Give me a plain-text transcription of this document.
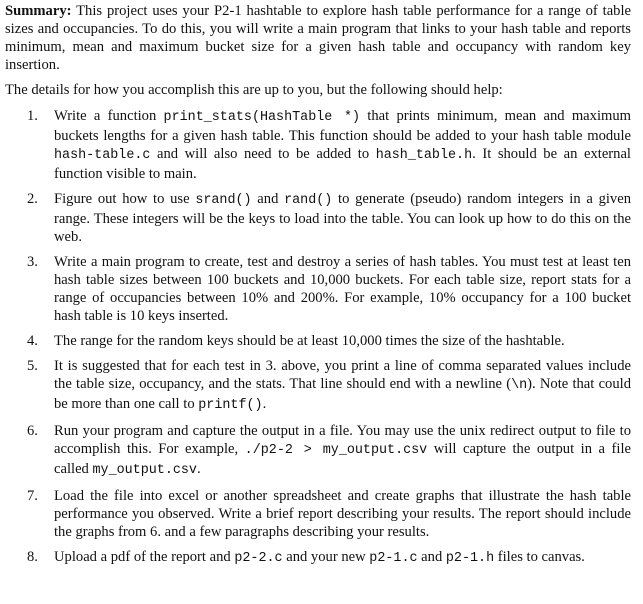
Summary: This project uses your P2-1 hashtable to explore hash table performance for a range of table sizes and occupancies. To do this, you will write a main program that links to your hash table and reports minimum, mean and maximum bucket size for a given hash table and occupancy with random key insertion.

The details for how you accomplish this are up to you, but the following should help:

1. Write a function print_stats(HashTable *) that prints minimum, mean and maximum buckets lengths for a given hash table. This function should be added to your hash table module hash-table.c and will also need to be added to hash_table.h. It should be an external function visible to main.
2. Figure out how to use srand() and rand() to generate (pseudo) random integers in a given range. These integers will be the keys to load into the table. You can look up how to do this on the web.
3. Write a main program to create, test and destroy a series of hash tables. You must test at least ten hash table sizes between 100 buckets and 10,000 buckets. For each table size, report stats for a range of occupancies between 10% and 200%. For example, 10% occupancy for a 100 bucket hash table is 10 keys inserted.
4. The range for the random keys should be at least 10,000 times the size of the hashtable.
5. It is suggested that for each test in 3. above, you print a line of comma separated values include the table size, occupancy, and the stats. That line should end with a newline (\n). Note that could be more than one call to printf().
6. Run your program and capture the output in a file. You may use the unix redirect output to file to accomplish this. For example, ./p2-2 > my_output.csv will capture the output in a file called my_output.csv.
7. Load the file into excel or another spreadsheet and create graphs that illustrate the hash table performance you observed. Write a brief report describing your results. The report should include the graphs from 6. and a few paragraphs describing your results.
8. Upload a pdf of the report and p2-2.c and your new p2-1.c and p2-1.h files to canvas.
